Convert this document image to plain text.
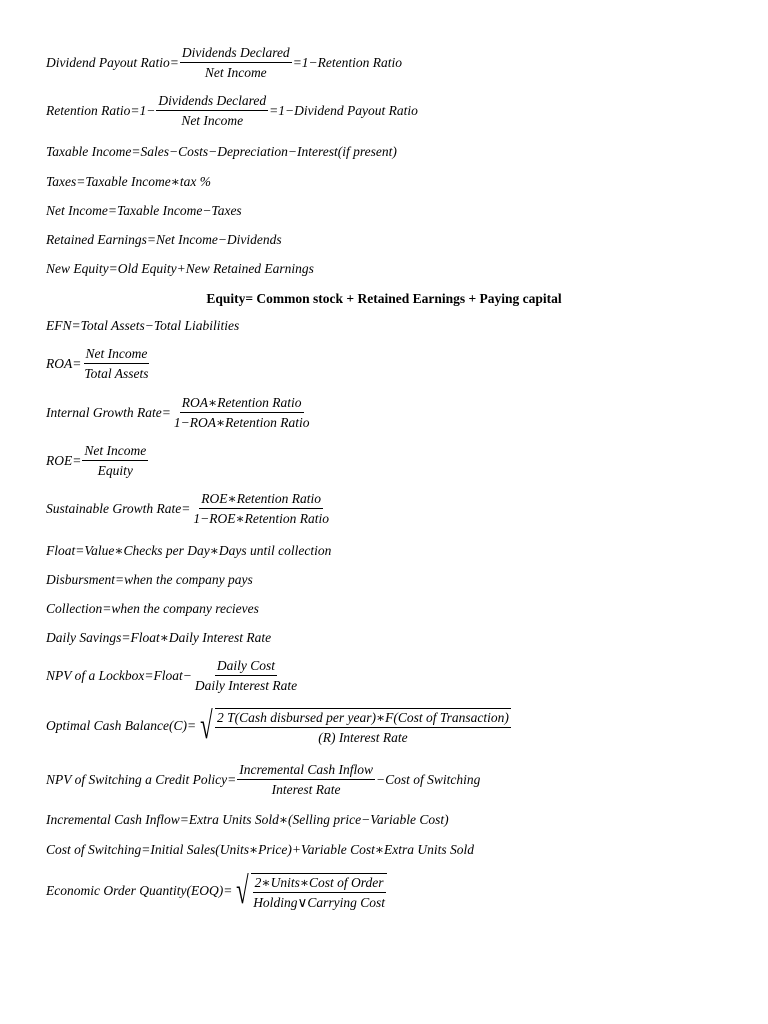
Dividend Payout Ratio= $\frac{\text{Dividends Declared}}{\text{Net Income}}$ =1−Retention Ratio
Retention Ratio=1− $\frac{\text{Dividends Declared}}{\text{Net Income}}$ =1−Dividend Payout Ratio
Taxable Income=Sales−Costs−Depreciation−Interest(if present)
Taxes=Taxable Income∗tax %
Net Income=Taxable Income−Taxes
Retained Earnings=Net Income−Dividends
New Equity=Old Equity+New Retained Earnings
Equity= Common stock + Retained Earnings + Paying capital
EFN=Total Assets−Total Liabilities
$ROA= \frac{\text{Net Income}}{\text{Total Assets}}$
Internal Growth Rate= $\frac{\text{ROA∗Retention Ratio}}{\text{1−ROA∗Retention Ratio}}$
$ROE= \frac{\text{Net Income}}{\text{Equity}}$
Sustainable Growth Rate= $\frac{\text{ROE∗Retention Ratio}}{\text{1−ROE∗Retention Ratio}}$
Float=Value∗Checks per Day∗Days until collection
Disbursment=when the company pays
Collection=when the company recieves
Daily Savings=Float∗Daily Interest Rate
NPV of a Lockbox=Float− $\frac{\text{Daily Cost}}{\text{Daily Interest Rate}}$
Optimal Cash Balance(C)= √ $\frac{\text{2 T(Cash disbursed per year)∗F(Cost of Transaction)}}{\text{(R) Interest Rate}}$
NPV of Switching a Credit Policy= $\frac{\text{Incremental Cash Inflow}}{\text{Interest Rate}}$ −Cost of Switching
Incremental Cash Inflow=Extra Units Sold∗(Selling price−Variable Cost)
Cost of Switching=Initial Sales(Units∗Price)+Variable Cost∗Extra Units Sold
Economic Order Quantity(EOQ)= √ $\frac{\text{2∗Units∗Cost of Order}}{\text{Holding∨Carrying Cost}}$
